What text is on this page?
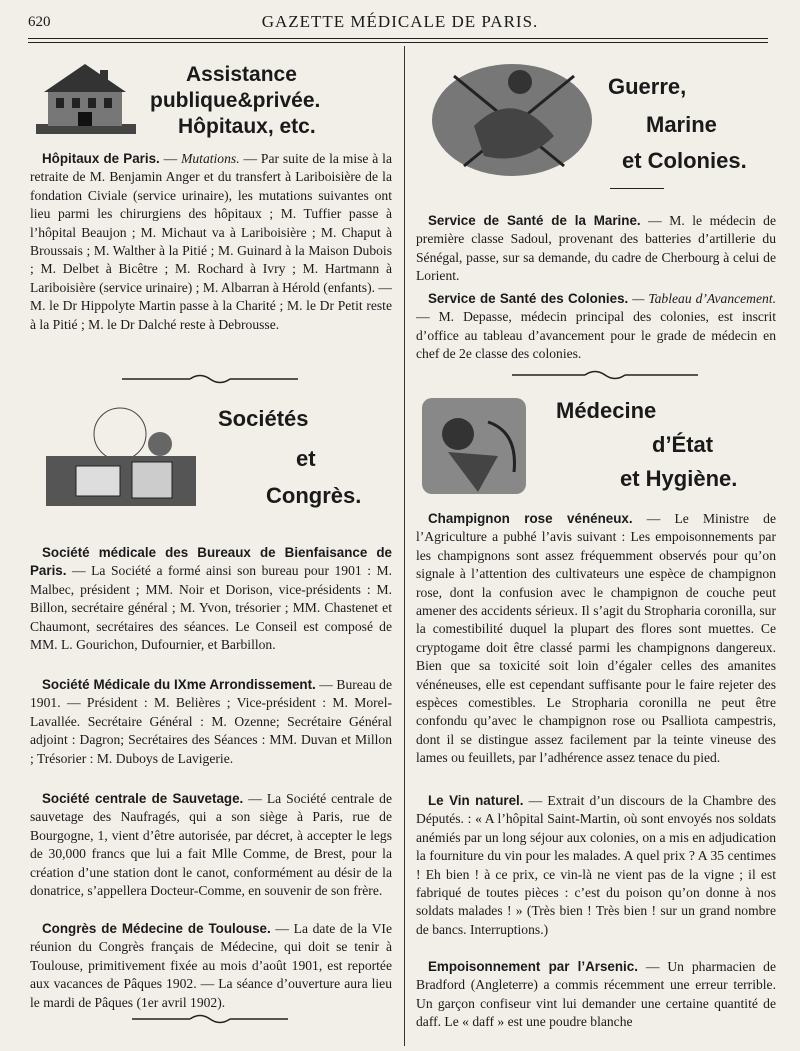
620	GAZETTE MÉDICALE DE PARIS.
Assistance
publique&privée.
Hôpitaux, etc.

Hôpitaux de Paris. — Mutations. — Par suite de la mise à la retraite de M. Benjamin Anger et du transfert à Lariboisière de la fondation Civiale (service urinaire), les mutations suivantes ont lieu parmi les chirurgiens des hôpitaux ; M. Tuffier passe à l’hôpital Beaujon ; M. Michaut va à Lariboisière ; M. Chaput à Broussais ; M. Walther à la Pitié ; M. Guinard à la Maison Dubois ; M. Delbet à Bicêtre ; M. Rochard à Ivry ; M. Hartmann à Lariboisière (service urinaire) ; M. Albarran à Hérold (enfants). — M. le Dr Hippolyte Martin passe à la Charité ; M. le Dr Petit reste à la Pitié ; M. le Dr Dalché reste à Debrousse.

Sociétés
et
Congrès.

Société médicale des Bureaux de Bienfaisance de Paris. — La Société a formé ainsi son bureau pour 1901 : M. Malbec, président ; MM. Noir et Dorison, vice-présidents : M. Billon, secrétaire général ; M. Yvon, trésorier ; MM. Chastenet et Chaumont, secrétaires des séances. Le Conseil est composé de MM. L. Gourichon, Dufournier, et Barbillon.

Société Médicale du IXme Arrondissement. — Bureau de 1901. — Président : M. Belières ; Vice-président : M. Morel-Lavallée. Secrétaire Général : M. Ozenne; Secrétaire Général adjoint : Dagron; Secrétaires des Séances : MM. Duvan et Millon ; Trésorier : M. Duboys de Lavigerie.

Société centrale de Sauvetage. — La Société centrale de sauvetage des Naufragés, qui a son siège à Paris, rue de Bourgogne, 1, vient d’être autorisée, par décret, à accepter le legs de 30,000 francs que lui a fait Mlle Comme, de Brest, pour la création d’une station dont le canot, conformément au désir de la donatrice, s’appellera Docteur-Comme, en souvenir de son frère.

Congrès de Médecine de Toulouse. — La date de la VIe réunion du Congrès français de Médecine, qui doit se tenir à Toulouse, primitivement fixée au mois d’août 1901, est reportée aux vacances de Pâques 1902. — La séance d’ouverture aura lieu le mardi de Pâques (1er avril 1902).

Guerre,
Marine
et Colonies.

Service de Santé de la Marine. — M. le médecin de première classe Sadoul, provenant des batteries d’artillerie du Sénégal, passe, sur sa demande, du cadre de Cherbourg à celui de Lorient.

Service de Santé des Colonies. — Tableau d’Avancement. — M. Depasse, médecin principal des colonies, est inscrit d’office au tableau d’avancement pour le grade de médecin en chef de 2e classe des colonies.

Médecine
d’État
et Hygiène.

Champignon rose vénéneux. — Le Ministre de l’Agriculture a pubhé l’avis suivant : Les empoisonnements par les champignons sont assez fréquemment observés pour qu’on signale à l’attention des cultivateurs une espèce de champignon rose, dont la confusion avec le champignon de couche peut amener des accidents sérieux. Il s’agit du Stropharia coronilla, sur la comestibilité duquel la plupart des flores sont muettes. Ce cryptogame doit être classé parmi les champignons dangereux. Bien que sa toxicité soit loin d’égaler celles des amanites vénéneuses, elle est cependant suffisante pour le faire rejeter des espèces comestibles. Le Stropharia coronilla ne peut être confondu qu’avec le champignon rose ou Psalliota campestris, dont il se distingue assez facilement par la teinte vineuse des lames ou feuillets, par l’adhérence assez tenace du pied.

Le Vin naturel. — Extrait d’un discours de la Chambre des Députés. : « A l’hôpital Saint-Martin, où sont envoyés nos soldats anémiés par un long séjour aux colonies, on a mis en adjudication la fourniture du vin pour les malades. A quel prix ? A 35 centimes ! Eh bien ! à ce prix, ce vin-là ne vient pas de la vigne ; il est fabriqué de toutes pièces : c’est du poison qu’on donne à nos soldats malades ! » (Très bien ! Très bien ! sur un grand nombre de bancs. Interruptions.)

Empoisonnement par l’Arsenic. — Un pharmacien de Bradford (Angleterre) a commis récemment une erreur terrible. Un garçon confiseur vint lui demander une certaine quantité de daff. Le « daff » est une poudre blanche
